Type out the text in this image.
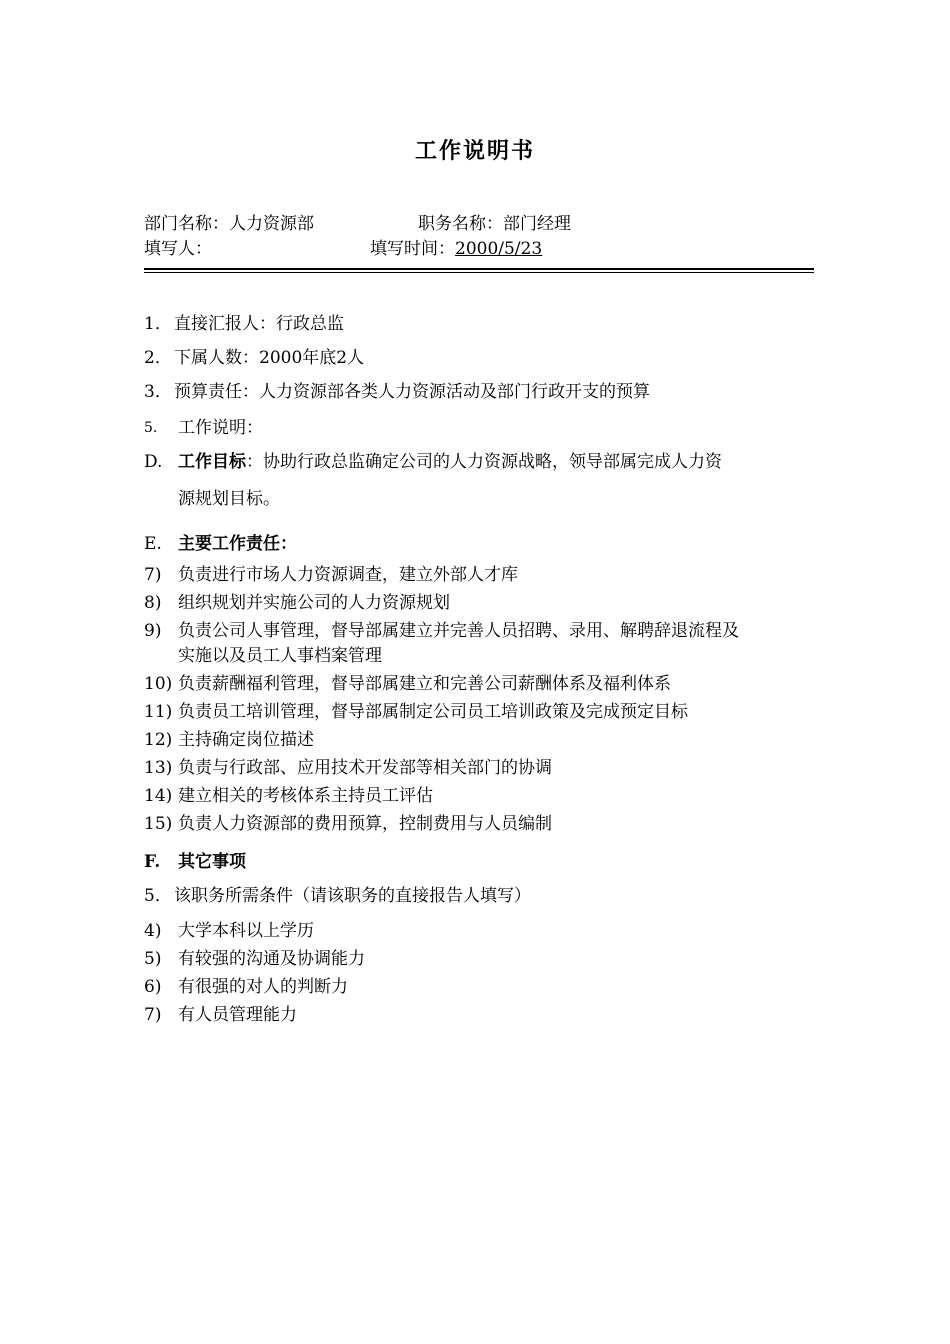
工作说明书
部门名称：人力资源部	职务名称：部门经理
填写人：	填写时间：2000/5/23
1． 直接汇报人：行政总监
2． 下属人数：2000年底2人
3． 预算责任：人力资源部各类人力资源活动及部门行政开支的预算
5. 工作说明：
D. 工作目标：协助行政总监确定公司的人力资源战略，领导部属完成人力资
源规划目标。
E. 主要工作责任：
7) 负责进行市场人力资源调查，建立外部人才库
8) 组织规划并实施公司的人力资源规划
9) 负责公司人事管理，督导部属建立并完善人员招聘、录用、解聘辞退流程及
实施以及员工人事档案管理
10) 负责薪酬福利管理，督导部属建立和完善公司薪酬体系及福利体系
11) 负责员工培训管理，督导部属制定公司员工培训政策及完成预定目标
12) 主持确定岗位描述
13) 负责与行政部、应用技术开发部等相关部门的协调
14) 建立相关的考核体系主持员工评估
15) 负责人力资源部的费用预算，控制费用与人员编制
F. 其它事项
5． 该职务所需条件（请该职务的直接报告人填写）
4) 大学本科以上学历
5) 有较强的沟通及协调能力
6) 有很强的对人的判断力
7) 有人员管理能力
